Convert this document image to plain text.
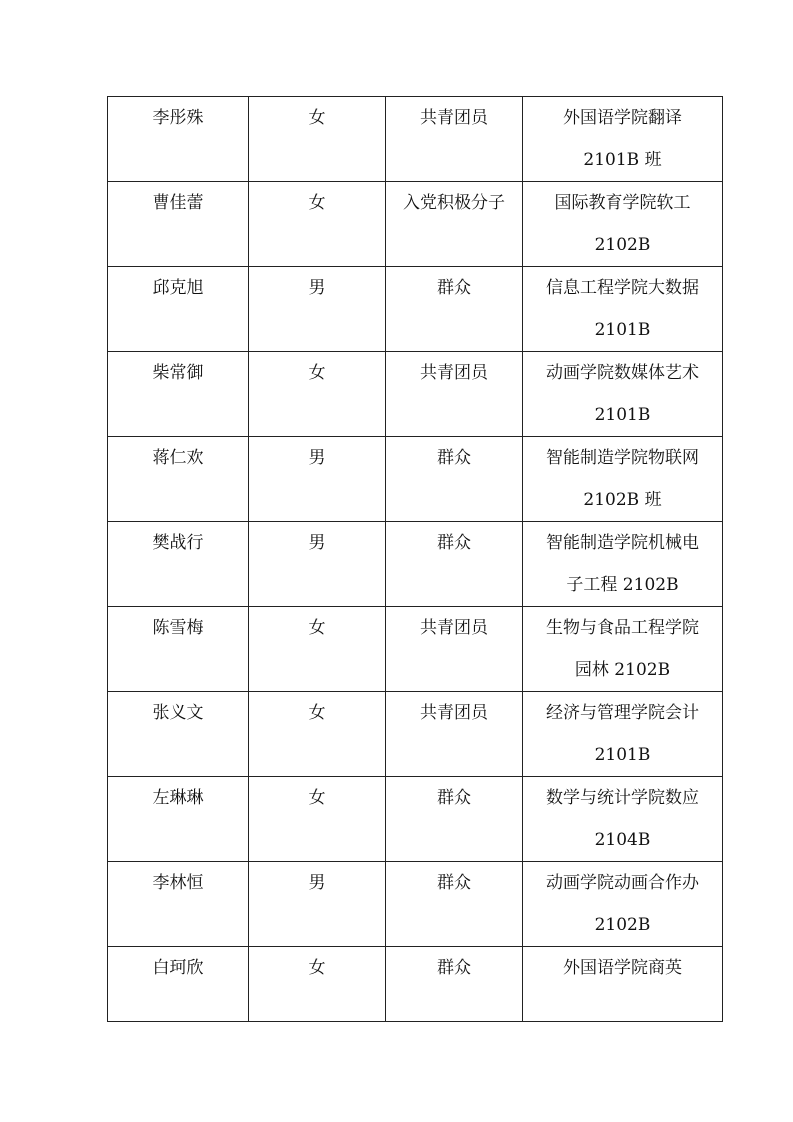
李彤殊	女	共青团员	外国语学院翻译
2101B 班

曹佳蕾	女	入党积极分子	国际教育学院软工
2102B

邱克旭	男	群众	信息工程学院大数据
2101B

柴常御	女	共青团员	动画学院数媒体艺术
2101B

蒋仁欢	男	群众	智能制造学院物联网
2102B 班

樊战行	男	群众	智能制造学院机械电
子工程 2102B

陈雪梅	女	共青团员	生物与食品工程学院
园林 2102B

张义文	女	共青团员	经济与管理学院会计
2101B

左琳琳	女	群众	数学与统计学院数应
2104B

李林恒	男	群众	动画学院动画合作办
2102B

白珂欣	女	群众	外国语学院商英
